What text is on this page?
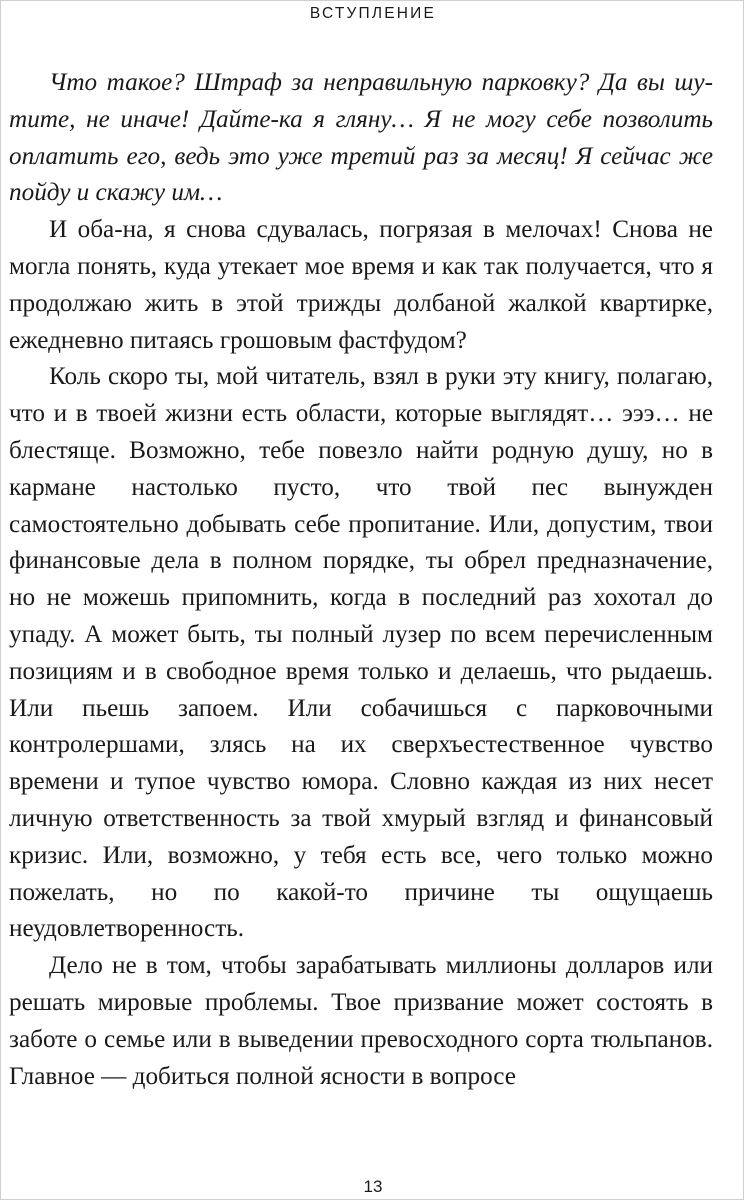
ВСТУПЛЕНИЕ

Что такое? Штраф за неправильную парковку? Да вы шутите, не иначе! Дайте-ка я гляну… Я не могу себе позволить оплатить его, ведь это уже третий раз за месяц! Я сейчас же пойду и скажу им…

И оба-на, я снова сдувалась, погрязая в мелочах! Снова не могла понять, куда утекает мое время и как так получается, что я продолжаю жить в этой трижды долбаной жалкой квартирке, ежедневно питаясь грошовым фастфудом?

Коль скоро ты, мой читатель, взял в руки эту книгу, полагаю, что и в твоей жизни есть области, которые выглядят… эээ… не блестяще. Возможно, тебе повезло найти родную душу, но в кармане настолько пусто, что твой пес вынужден самостоятельно добывать себе пропитание. Или, допустим, твои финансовые дела в полном порядке, ты обрел предназначение, но не можешь припомнить, когда в последний раз хохотал до упаду. А может быть, ты полный лузер по всем перечисленным позициям и в свободное время только и делаешь, что рыдаешь. Или пьешь запоем. Или собачишься с парковочными контролершами, злясь на их сверхъестественное чувство времени и тупое чувство юмора. Словно каждая из них несет личную ответственность за твой хмурый взгляд и финансовый кризис. Или, возможно, у тебя есть все, чего только можно пожелать, но по какой-то причине ты ощущаешь неудовлетворенность.

Дело не в том, чтобы зарабатывать миллионы долларов или решать мировые проблемы. Твое призвание может состоять в заботе о семье или в выведении превосходного сорта тюльпанов. Главное — добиться полной ясности в вопросе

13
